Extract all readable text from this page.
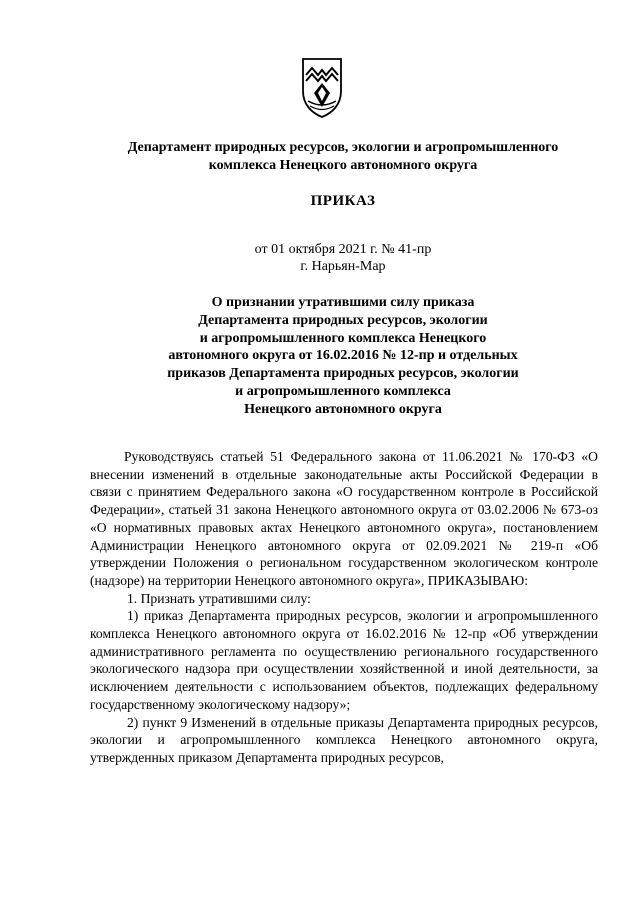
Департамент природных ресурсов, экологии и агропромышленного
комплекса Ненецкого автономного округа
ПРИКАЗ
от 01 октября 2021 г. № 41-пр
г. Нарьян-Мар
О признании утратившими силу приказа
Департамента природных ресурсов, экологии
и агропромышленного комплекса Ненецкого
автономного округа от 16.02.2016 № 12-пр и отдельных
приказов Департамента природных ресурсов, экологии
и агропромышленного комплекса
Ненецкого автономного округа

Руководствуясь статьей 51 Федерального закона от 11.06.2021 № 170-ФЗ «О внесении изменений в отдельные законодательные акты Российской Федерации в связи с принятием Федерального закона «О государственном контроле в Российской Федерации», статьей 31 закона Ненецкого автономного округа от 03.02.2006 № 673-оз «О нормативных правовых актах Ненецкого автономного округа», постановлением Администрации Ненецкого автономного округа от 02.09.2021 № 219-п «Об утверждении Положения о региональном государственном экологическом контроле (надзоре) на территории Ненецкого автономного округа», ПРИКАЗЫВАЮ:

1. Признать утратившими силу:

1) приказ Департамента природных ресурсов, экологии и агропромышленного комплекса Ненецкого автономного округа от 16.02.2016 № 12-пр «Об утверждении административного регламента по осуществлению регионального государственного экологического надзора при осуществлении хозяйственной и иной деятельности, за исключением деятельности с использованием объектов, подлежащих федеральному государственному экологическому надзору»;

2) пункт 9 Изменений в отдельные приказы Департамента природных ресурсов, экологии и агропромышленного комплекса Ненецкого автономного округа, утвержденных приказом Департамента природных ресурсов,
